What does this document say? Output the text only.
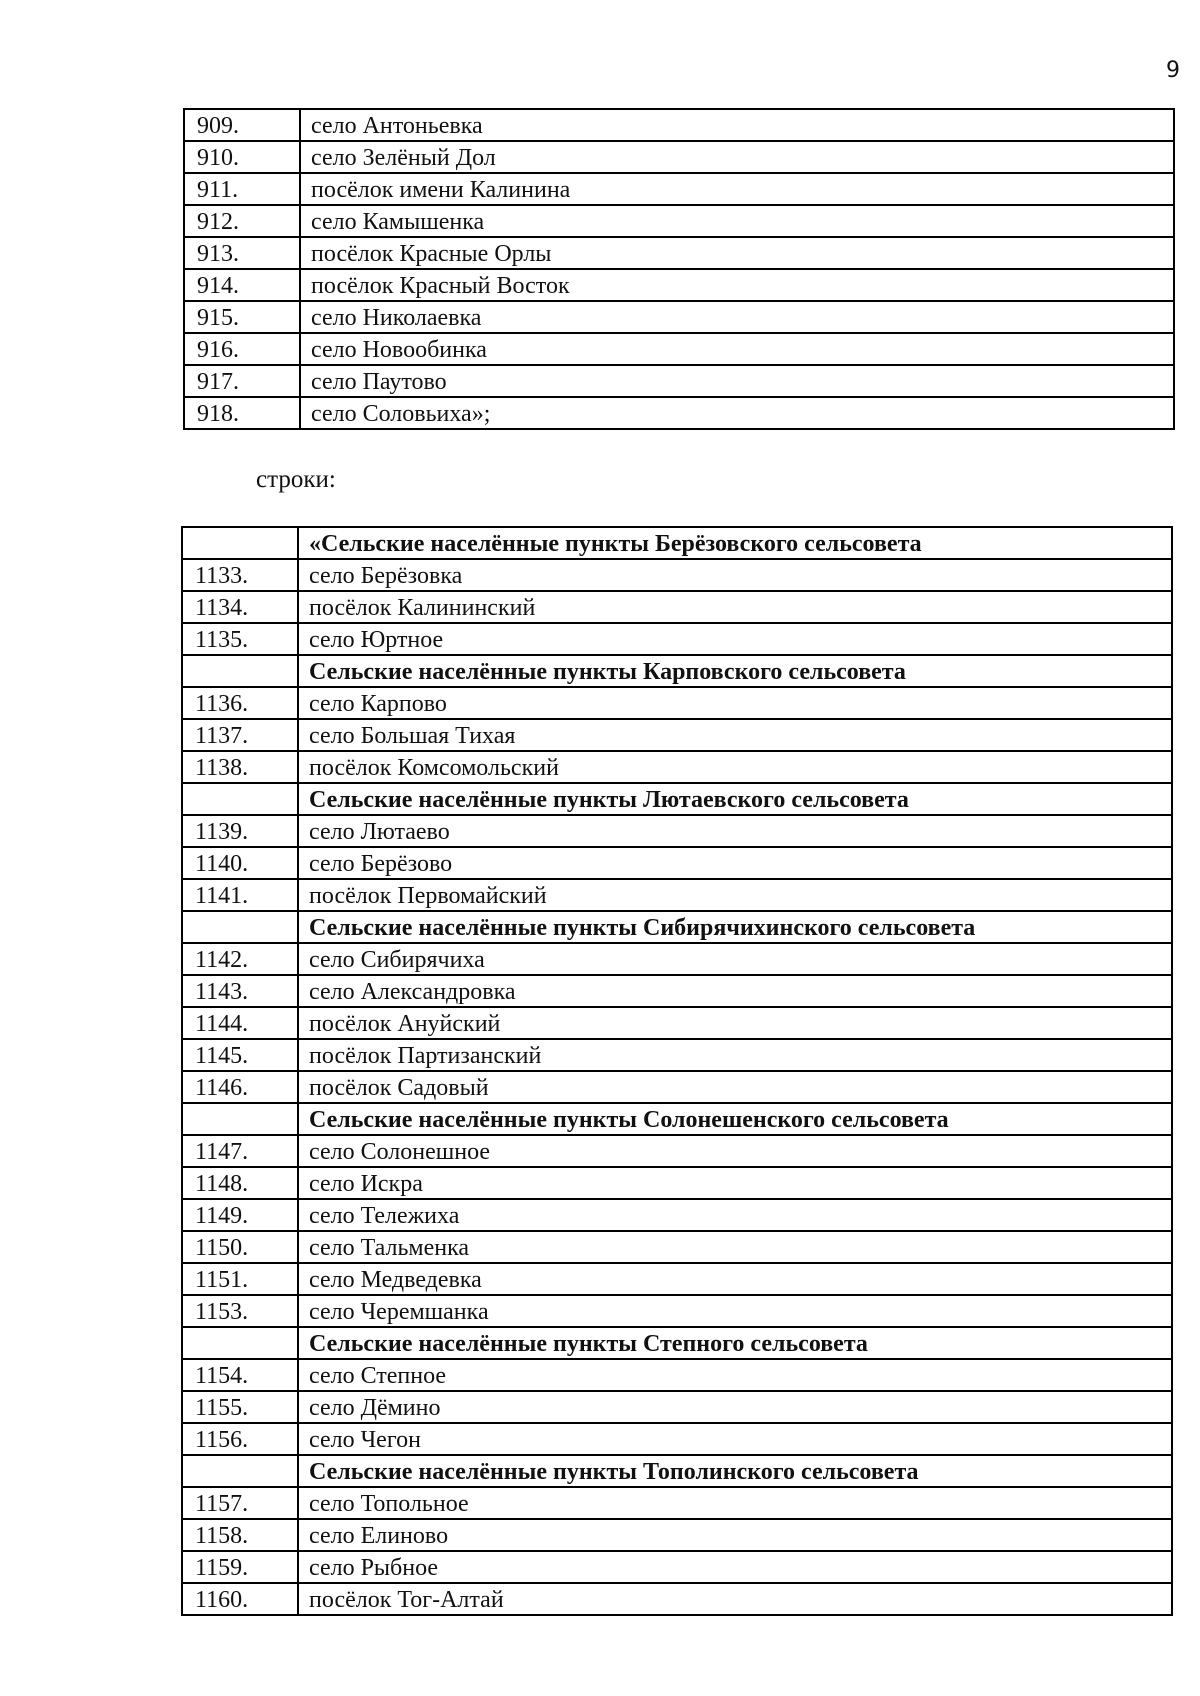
9
909.	село Антоньевка
910.	село Зелёный Дол
911.	посёлок имени Калинина
912.	село Камышенка
913.	посёлок Красные Орлы
914.	посёлок Красный Восток
915.	село Николаевка
916.	село Новообинка
917.	село Паутово
918.	село Соловьиха»;
строки:
	«Сельские населённые пункты Берёзовского сельсовета
1133.	село Берёзовка
1134.	посёлок Калининский
1135.	село Юртное
	Сельские населённые пункты Карповского сельсовета
1136.	село Карпово
1137.	село Большая Тихая
1138.	посёлок Комсомольский
	Сельские населённые пункты Лютаевского сельсовета
1139.	село Лютаево
1140.	село Берёзово
1141.	посёлок Первомайский
	Сельские населённые пункты Сибирячихинского сельсовета
1142.	село Сибирячиха
1143.	село Александровка
1144.	посёлок Ануйский
1145.	посёлок Партизанский
1146.	посёлок Садовый
	Сельские населённые пункты Солонешенского сельсовета
1147.	село Солонешное
1148.	село Искра
1149.	село Тележиха
1150.	село Тальменка
1151.	село Медведевка
1153.	село Черемшанка
	Сельские населённые пункты Степного сельсовета
1154.	село Степное
1155.	село Дёмино
1156.	село Чегон
	Сельские населённые пункты Тополинского сельсовета
1157.	село Топольное
1158.	село Елиново
1159.	село Рыбное
1160.	посёлок Тог-Алтай
